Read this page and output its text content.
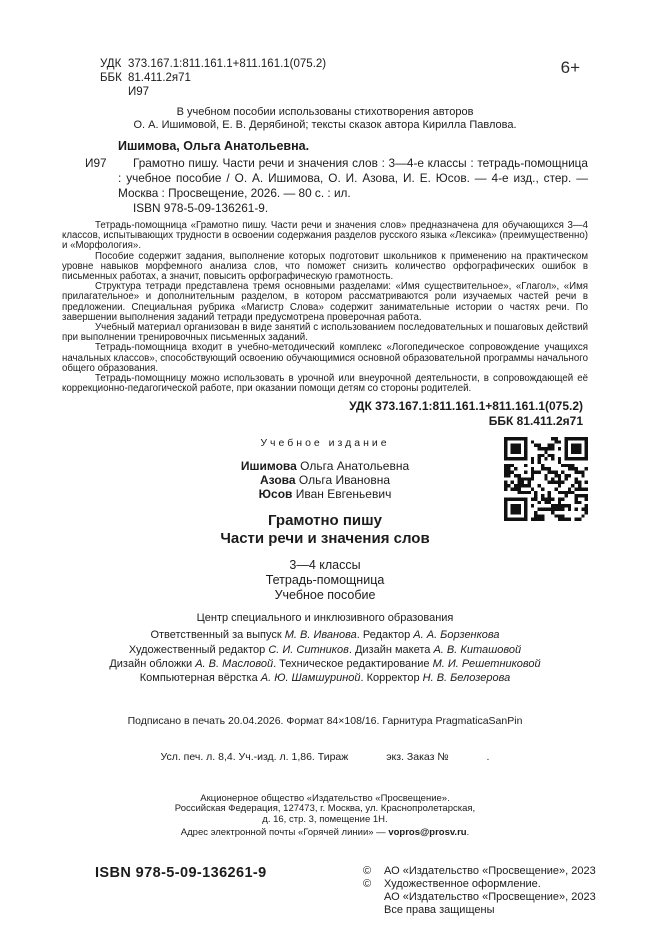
6+
УДК 373.167.1:811.161.1+811.161.1(075.2)
ББК 81.411.2я71
И97
В учебном пособии использованы стихотворения авторов
О. А. Ишимовой, Е. В. Дерябиной; тексты сказок автора Кирилла Павлова.
Ишимова, Ольга Анатольевна.
И97	Грамотно пишу. Части речи и значения слов : 3—4-е классы : тетрадь-помощница : учебное пособие / О. А. Ишимова, О. И. Азова, И. Е. Юсов. — 4-е изд., стер. — Москва : Просвещение, 2026. — 80 с. : ил.

ISBN 978-5-09-136261-9.

Тетрадь-помощница «Грамотно пишу. Части речи и значения слов» предназначена для обучающихся 3—4 классов, испытывающих трудности в освоении содержания разделов русского языка «Лексика» (преимущественно) и «Морфология».

Пособие содержит задания, выполнение которых подготовит школьников к применению на практическом уровне навыков морфемного анализа слов, что поможет снизить количество орфографических ошибок в письменных работах, а значит, повысить орфографическую грамотность.

Структура тетради представлена тремя основными разделами: «Имя существительное», «Глагол», «Имя прилагательное» и дополнительным разделом, в котором рассматриваются роли изучаемых частей речи в предложении. Специальная рубрика «Магистр Слова» содержит занимательные истории о частях речи. По завершении выполнения заданий тетради предусмотрена проверочная работа.

Учебный материал организован в виде занятий с использованием последовательных и пошаговых действий при выполнении тренировочных письменных заданий.

Тетрадь-помощница входит в учебно-методический комплекс «Логопедическое сопровождение учащихся начальных классов», способствующий освоению обучающимися основной образовательной программы начального общего образования.

Тетрадь-помощницу можно использовать в урочной или внеурочной деятельности, в сопровождающей её коррекционно-педагогической работе, при оказании помощи детям со стороны родителей.

УДК 373.167.1:811.161.1+811.161.1(075.2)
ББК 81.411.2я71
Учебное издание
Ишимова Ольга Анатольевна
Азова Ольга Ивановна
Юсов Иван Евгеньевич
Грамотно пишу
Части речи и значения слов
3—4 классы
Тетрадь-помощница
Учебное пособие
Центр специального и инклюзивного образования
Ответственный за выпуск М. В. Иванова. Редактор А. А. Борзенкова
Художественный редактор С. И. Ситников. Дизайн макета А. В. Киташовой
Дизайн обложки А. В. Масловой. Техническое редактирование М. И. Решетниковой
Компьютерная вёрстка А. Ю. Шамшуриной. Корректор Н. В. Белозерова

Подписано в печать 20.04.2026. Формат 84×108/16. Гарнитура PragmaticaSanPin

Усл. печ. л. 8,4. Уч.-изд. л. 1,86. Тираж             экз. Заказ №             .

Акционерное общество «Издательство «Просвещение».
Российская Федерация, 127473, г. Москва, ул. Краснопролетарская,
д. 16, стр. 3, помещение 1Н.
Адрес электронной почты «Горячей линии» — vopros@prosv.ru.
ISBN 978-5-09-136261-9	©	АО «Издательство «Просвещение», 2023
©	Художественное оформление.
АО «Издательство «Просвещение», 2023
Все права защищены
